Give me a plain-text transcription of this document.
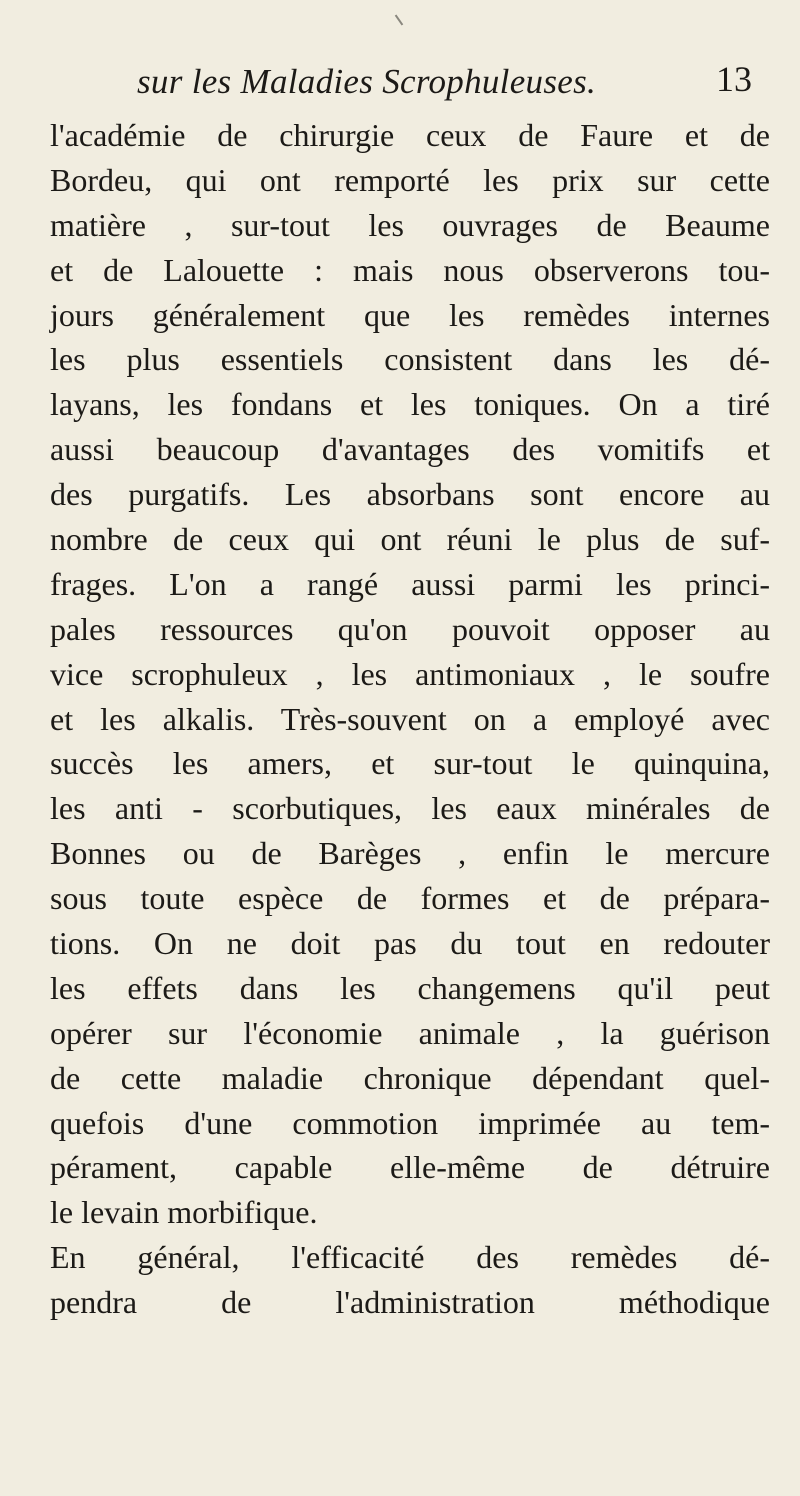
sur les Maladies Scrophuleuses.	13
l'académie de chirurgie ceux de Faure et de
Bordeu, qui ont remporté les prix sur cette
matière , sur-tout les ouvrages de Beaume
et de Lalouette : mais nous observerons tou-
jours généralement que les remèdes internes
les plus essentiels consistent dans les dé-
layans, les fondans et les toniques. On a tiré
aussi beaucoup d'avantages des vomitifs et
des purgatifs. Les absorbans sont encore au
nombre de ceux qui ont réuni le plus de suf-
frages. L'on a rangé aussi parmi les princi-
pales ressources qu'on pouvoit opposer au
vice scrophuleux , les antimoniaux , le soufre
et les alkalis. Très-souvent on a employé avec
succès les amers, et sur-tout le quinquina,
les anti - scorbutiques, les eaux minérales de
Bonnes ou de Barèges , enfin le mercure
sous toute espèce de formes et de prépara-
tions. On ne doit pas du tout en redouter
les effets dans les changemens qu'il peut
opérer sur l'économie animale , la guérison
de cette maladie chronique dépendant quel-
quefois d'une commotion imprimée au tem-
pérament, capable elle-même de détruire
le levain morbifique.
En général, l'efficacité des remèdes dé-
pendra de l'administration méthodique
